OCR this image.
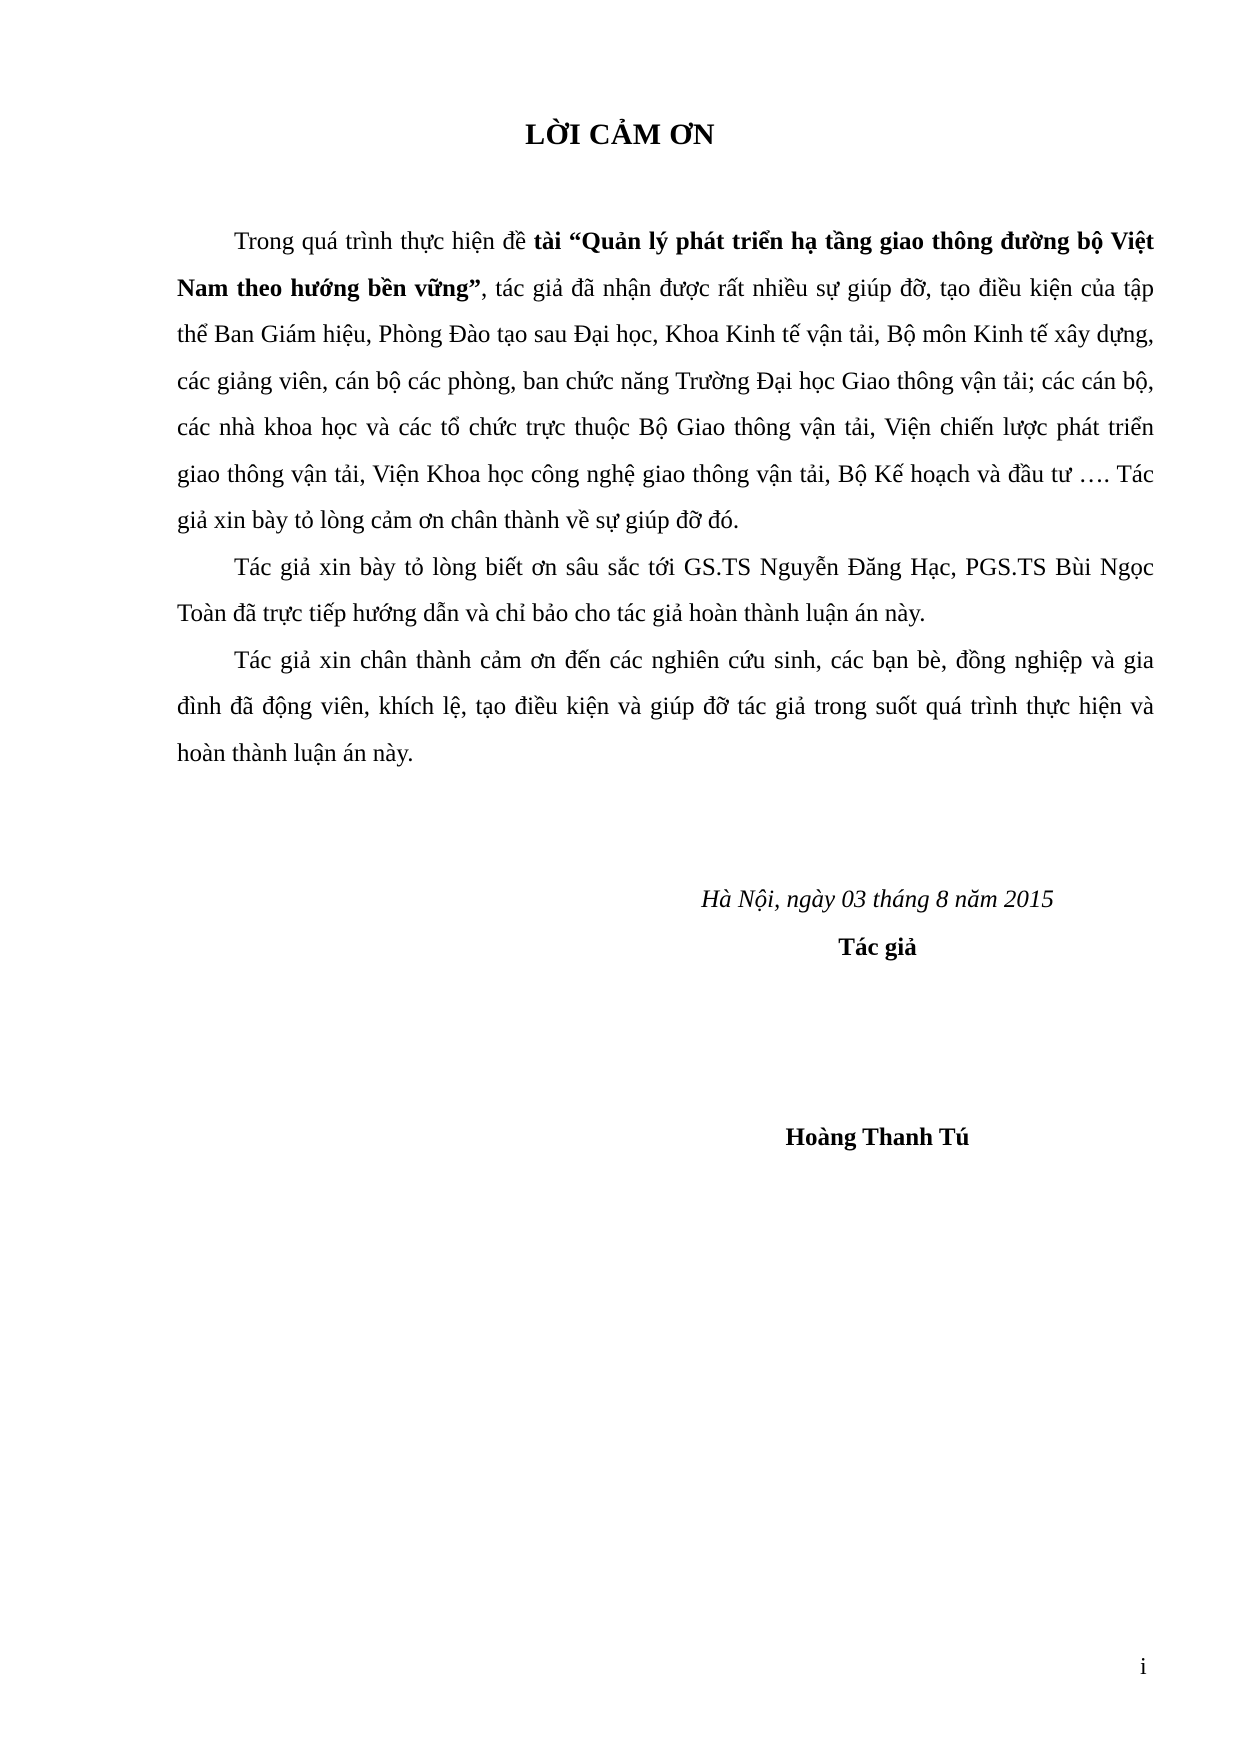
LỜI CẢM ƠN

Trong quá trình thực hiện đề tài “Quản lý phát triển hạ tầng giao thông đường bộ Việt Nam theo hướng bền vững”, tác giả đã nhận được rất nhiều sự giúp đỡ, tạo điều kiện của tập thể Ban Giám hiệu, Phòng Đào tạo sau Đại học, Khoa Kinh tế vận tải, Bộ môn Kinh tế xây dựng, các giảng viên, cán bộ các phòng, ban chức năng Trường Đại học Giao thông vận tải; các cán bộ, các nhà khoa học và các tổ chức trực thuộc Bộ Giao thông vận tải, Viện chiến lược phát triển giao thông vận tải, Viện Khoa học công nghệ giao thông vận tải, Bộ Kế hoạch và đầu tư …. Tác giả xin bày tỏ lòng cảm ơn chân thành về sự giúp đỡ đó.

Tác giả xin bày tỏ lòng biết ơn sâu sắc tới GS.TS Nguyễn Đăng Hạc, PGS.TS Bùi Ngọc Toàn đã trực tiếp hướng dẫn và chỉ bảo cho tác giả hoàn thành luận án này.

Tác giả xin chân thành cảm ơn đến các nghiên cứu sinh, các bạn bè, đồng nghiệp và gia đình đã động viên, khích lệ, tạo điều kiện và giúp đỡ tác giả trong suốt quá trình thực hiện và hoàn thành luận án này.

Hà Nội, ngày 03 tháng 8 năm 2015

Tác giả

Hoàng Thanh Tú

i
